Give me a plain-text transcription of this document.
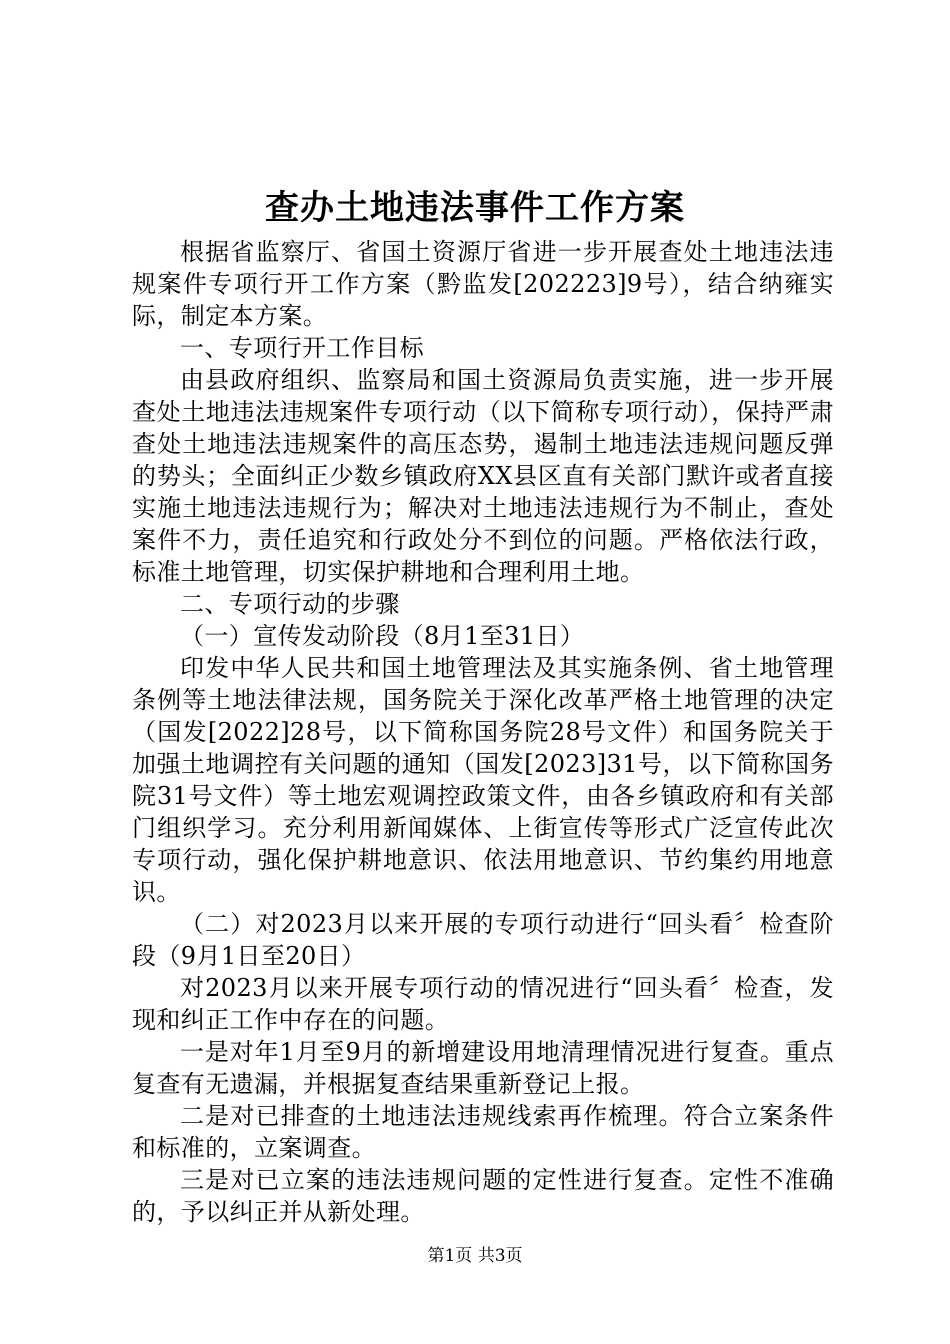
查办土地违法事件工作方案

根据省监察厅、省国土资源厅省进一步开展查处土地违法违规案件专项行开工作方案（黔监发[202223]9号），结合纳雍实际，制定本方案。

一、专项行开工作目标

由县政府组织、监察局和国土资源局负责实施，进一步开展查处土地违法违规案件专项行动（以下简称专项行动），保持严肃查处土地违法违规案件的高压态势，遏制土地违法违规问题反弹的势头；全面纠正少数乡镇政府XX县区直有关部门默许或者直接实施土地违法违规行为；解决对土地违法违规行为不制止，查处案件不力，责任追究和行政处分不到位的问题。严格依法行政，标准土地管理，切实保护耕地和合理利用土地。

二、专项行动的步骤

（一）宣传发动阶段（8月1至31日）

印发中华人民共和国土地管理法及其实施条例、省土地管理条例等土地法律法规，国务院关于深化改革严格土地管理的决定（国发[2022]28号，以下简称国务院28号文件）和国务院关于加强土地调控有关问题的通知（国发[2023]31号，以下简称国务院31号文件）等土地宏观调控政策文件，由各乡镇政府和有关部门组织学习。充分利用新闻媒体、上街宣传等形式广泛宣传此次专项行动，强化保护耕地意识、依法用地意识、节约集约用地意识。

（二）对2023月以来开展的专项行动进行“回头看〞检查阶段（9月1日至20日）

对2023月以来开展专项行动的情况进行“回头看〞检查，发现和纠正工作中存在的问题。

一是对年1月至9月的新增建设用地清理情况进行复查。重点复查有无遗漏，并根据复查结果重新登记上报。

二是对已排查的土地违法违规线索再作梳理。符合立案条件和标准的，立案调查。

三是对已立案的违法违规问题的定性进行复查。定性不准确的，予以纠正并从新处理。

第1页 共3页
